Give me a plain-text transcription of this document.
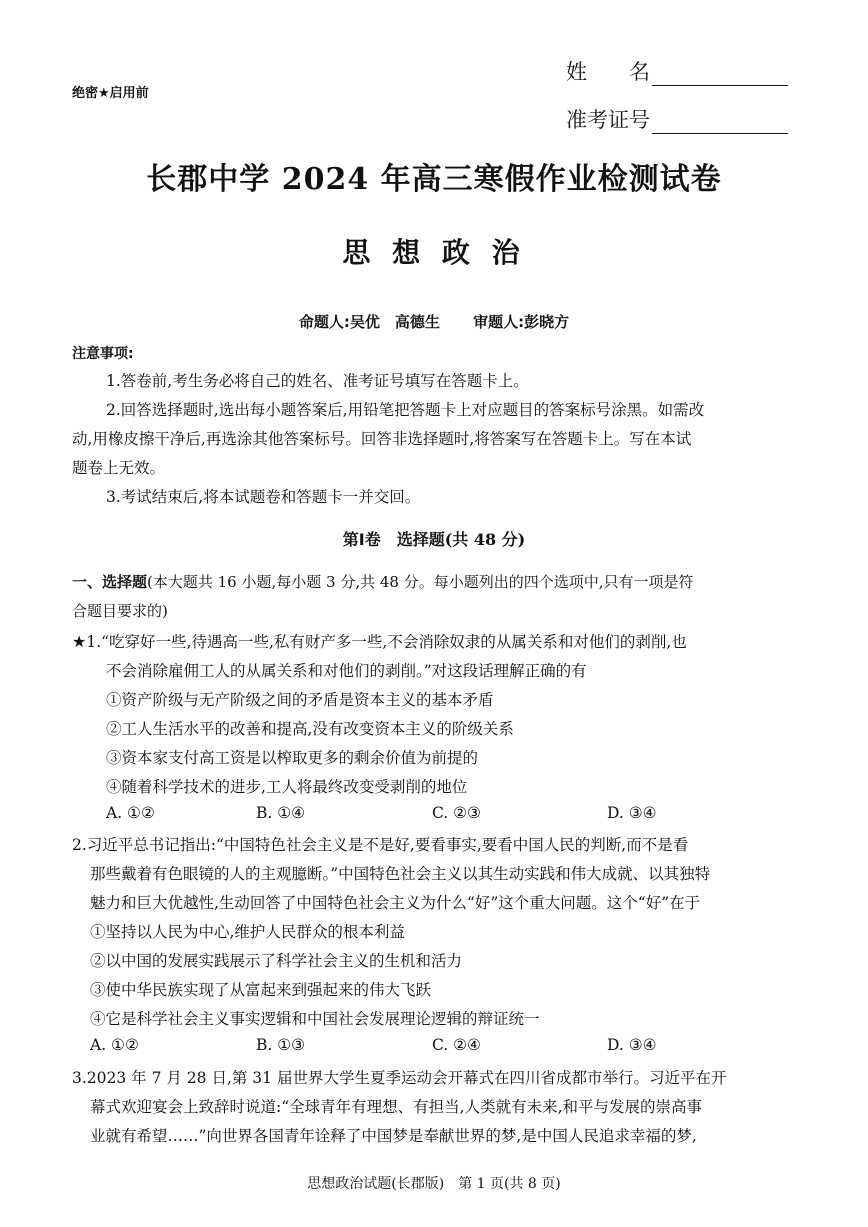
绝密★启用前
姓　　名
准考证号
长郡中学 2024 年高三寒假作业检测试卷
思 想 政 治
命题人:吴优　高德生 审题人:彭晓方
注意事项:
1.答卷前,考生务必将自己的姓名、准考证号填写在答题卡上。
2.回答选择题时,选出每小题答案后,用铅笔把答题卡上对应题目的答案标号涂黑。如需改
动,用橡皮擦干净后,再选涂其他答案标号。回答非选择题时,将答案写在答题卡上。写在本试
题卷上无效。
3.考试结束后,将本试题卷和答题卡一并交回。
第Ⅰ卷　选择题(共 48 分)
一、选择题(本大题共 16 小题,每小题 3 分,共 48 分。每小题列出的四个选项中,只有一项是符
合题目要求的)
★1.“吃穿好一些,待遇高一些,私有财产多一些,不会消除奴隶的从属关系和对他们的剥削,也
不会消除雇佣工人的从属关系和对他们的剥削。”对这段话理解正确的有
①资产阶级与无产阶级之间的矛盾是资本主义的基本矛盾
②工人生活水平的改善和提高,没有改变资本主义的阶级关系
③资本家支付高工资是以榨取更多的剩余价值为前提的
④随着科学技术的进步,工人将最终改变受剥削的地位
A. ①②	B. ①④	C. ②③	D. ③④
2.习近平总书记指出:“中国特色社会主义是不是好,要看事实,要看中国人民的判断,而不是看
那些戴着有色眼镜的人的主观臆断。”中国特色社会主义以其生动实践和伟大成就、以其独特
魅力和巨大优越性,生动回答了中国特色社会主义为什么“好”这个重大问题。这个“好”在于
①坚持以人民为中心,维护人民群众的根本利益
②以中国的发展实践展示了科学社会主义的生机和活力
③使中华民族实现了从富起来到强起来的伟大飞跃
④它是科学社会主义事实逻辑和中国社会发展理论逻辑的辩证统一
A. ①②	B. ①③	C. ②④	D. ③④
3.2023 年 7 月 28 日,第 31 届世界大学生夏季运动会开幕式在四川省成都市举行。习近平在开
幕式欢迎宴会上致辞时说道:“全球青年有理想、有担当,人类就有未来,和平与发展的崇高事
业就有希望……”向世界各国青年诠释了中国梦是奉献世界的梦,是中国人民追求幸福的梦,
思想政治试题(长郡版)　第 1 页(共 8 页)
